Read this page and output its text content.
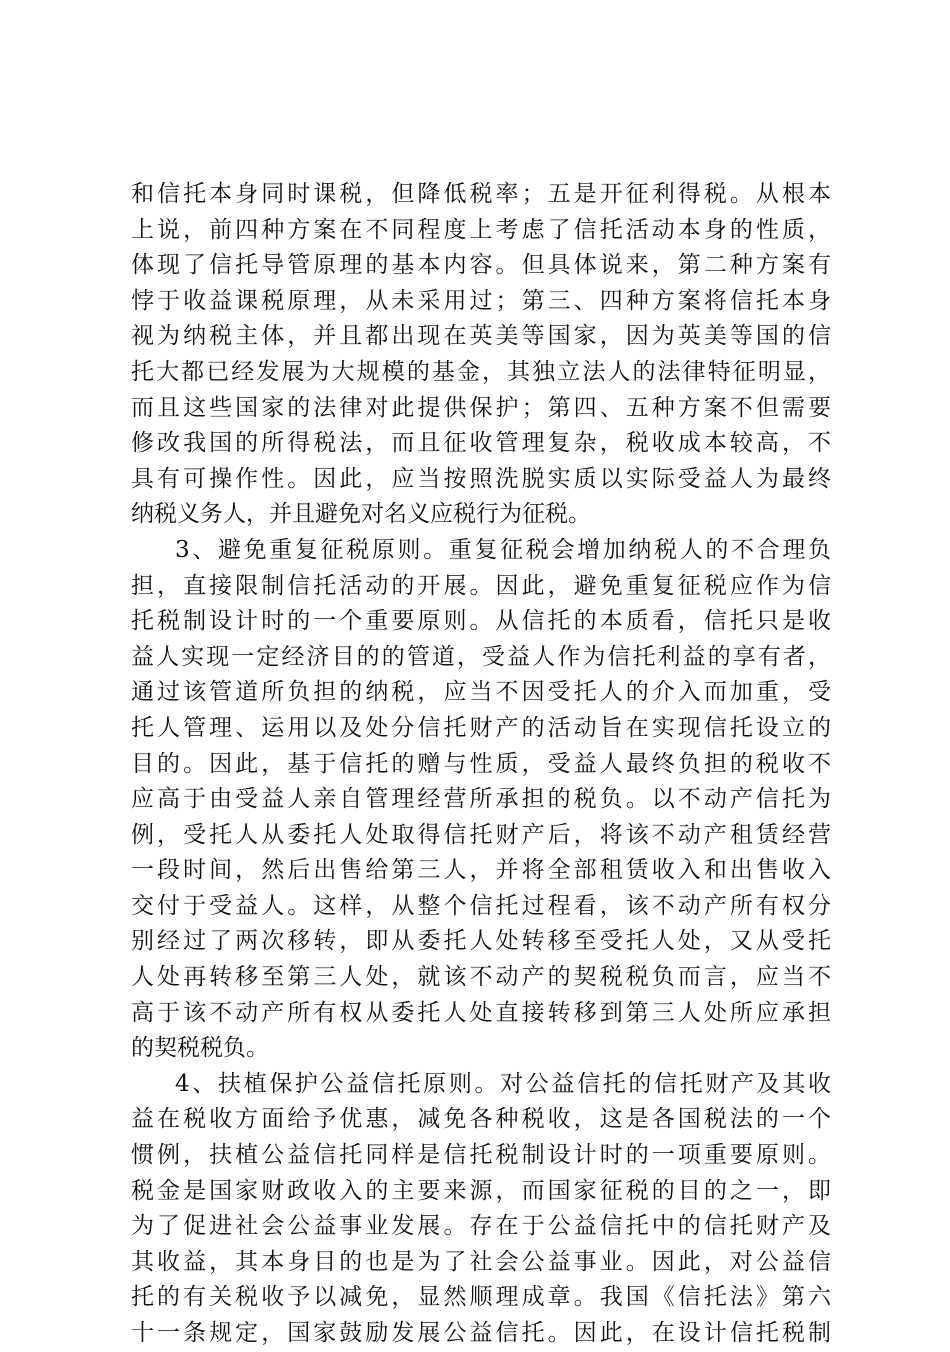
和信托本身同时课税，但降低税率；五是开征利得税。从根本
上说，前四种方案在不同程度上考虑了信托活动本身的性质，
体现了信托导管原理的基本内容。但具体说来，第二种方案有
悖于收益课税原理，从未采用过；第三、四种方案将信托本身
视为纳税主体，并且都出现在英美等国家，因为英美等国的信
托大都已经发展为大规模的基金，其独立法人的法律特征明显，
而且这些国家的法律对此提供保护；第四、五种方案不但需要
修改我国的所得税法，而且征收管理复杂，税收成本较高，不
具有可操作性。因此，应当按照洗脱实质以实际受益人为最终
纳税义务人，并且避免对名义应税行为征税。
3、避免重复征税原则。重复征税会增加纳税人的不合理负
担，直接限制信托活动的开展。因此，避免重复征税应作为信
托税制设计时的一个重要原则。从信托的本质看，信托只是收
益人实现一定经济目的的管道，受益人作为信托利益的享有者，
通过该管道所负担的纳税，应当不因受托人的介入而加重，受
托人管理、运用以及处分信托财产的活动旨在实现信托设立的
目的。因此，基于信托的赠与性质，受益人最终负担的税收不
应高于由受益人亲自管理经营所承担的税负。以不动产信托为
例，受托人从委托人处取得信托财产后，将该不动产租赁经营
一段时间，然后出售给第三人，并将全部租赁收入和出售收入
交付于受益人。这样，从整个信托过程看，该不动产所有权分
别经过了两次移转，即从委托人处转移至受托人处，又从受托
人处再转移至第三人处，就该不动产的契税税负而言，应当不
高于该不动产所有权从委托人处直接转移到第三人处所应承担
的契税税负。
4、扶植保护公益信托原则。对公益信托的信托财产及其收
益在税收方面给予优惠，减免各种税收，这是各国税法的一个
惯例，扶植公益信托同样是信托税制设计时的一项重要原则。
税金是国家财政收入的主要来源，而国家征税的目的之一，即
为了促进社会公益事业发展。存在于公益信托中的信托财产及
其收益，其本身目的也是为了社会公益事业。因此，对公益信
托的有关税收予以减免，显然顺理成章。我国《信托法》第六
十一条规定，国家鼓励发展公益信托。因此，在设计信托税制
